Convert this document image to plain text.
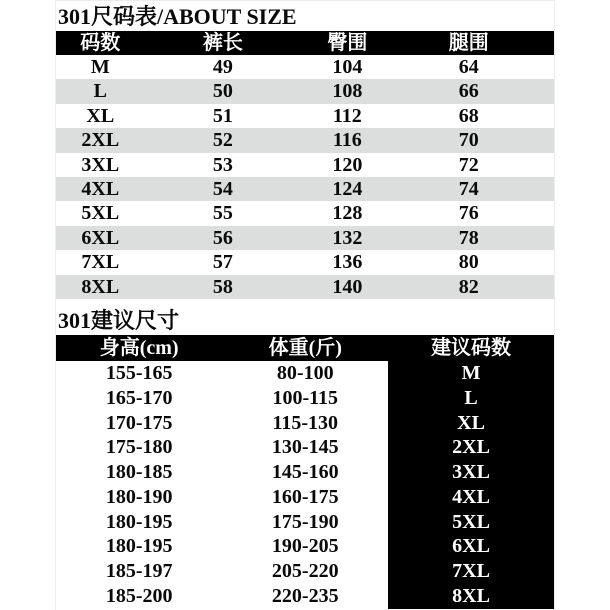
301尺码表/ABOUT SIZE
码数	裤长	臀围	腿围
M	49	104	64
L	50	108	66
XL	51	112	68
2XL	52	116	70
3XL	53	120	72
4XL	54	124	74
5XL	55	128	76
6XL	56	132	78
7XL	57	136	80
8XL	58	140	82
301建议尺寸
身高(cm)	体重(斤)	建议码数
155-165	80-100	M
165-170	100-115	L
170-175	115-130	XL
175-180	130-145	2XL
180-185	145-160	3XL
180-190	160-175	4XL
180-195	175-190	5XL
180-195	190-205	6XL
185-197	205-220	7XL
185-200	220-235	8XL
